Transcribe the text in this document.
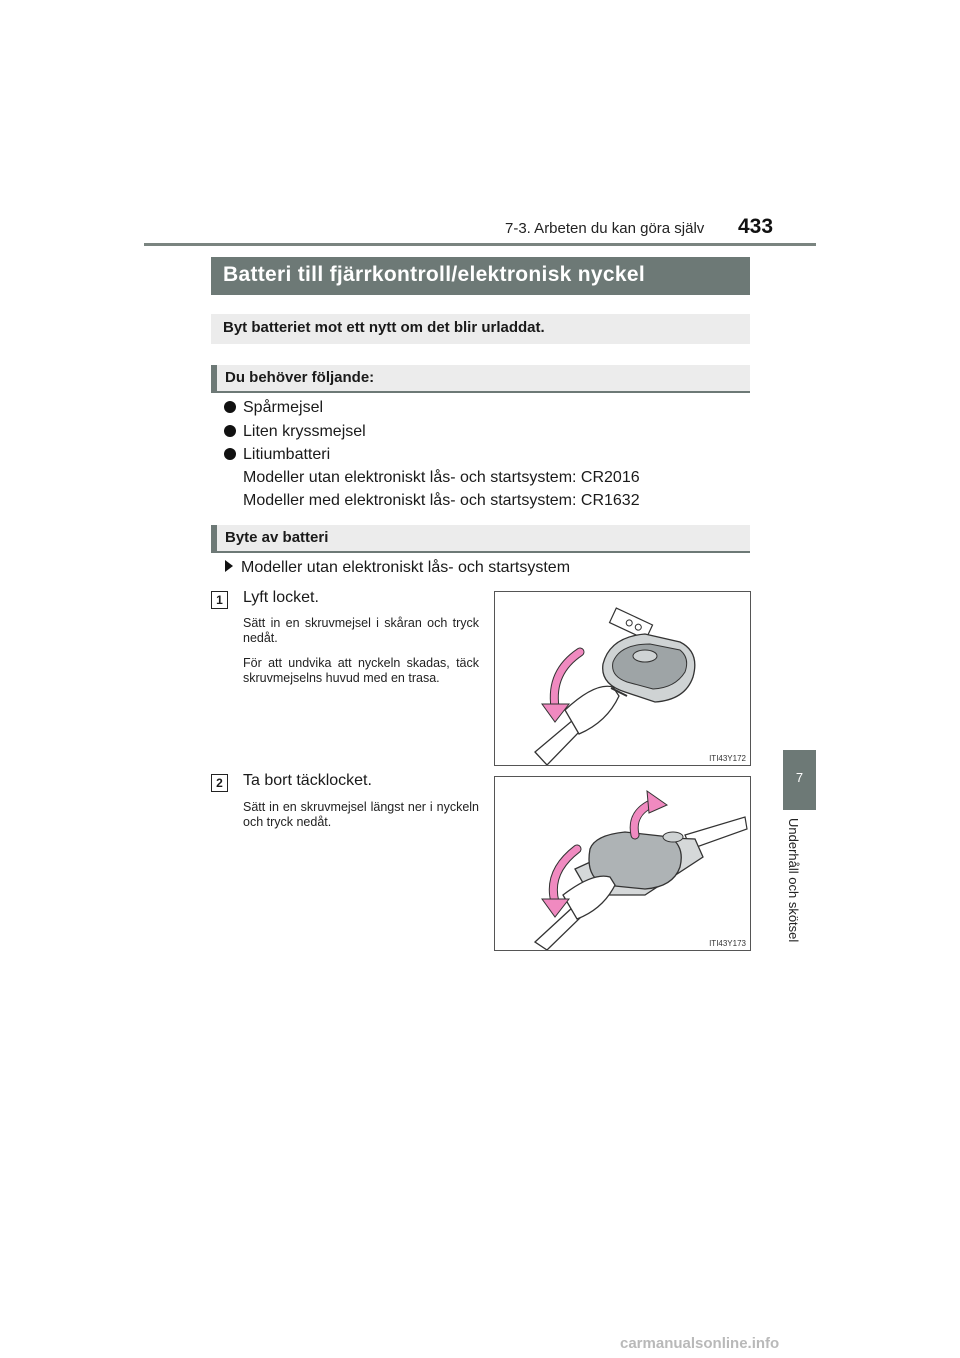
7-3. Arbeten du kan göra själv 433
7
Underhåll och skötsel
Batteri till fjärrkontroll/elektronisk nyckel
Byt batteriet mot ett nytt om det blir urladdat.
Du behöver följande:
Spårmejsel
Liten kryssmejsel
Litiumbatteri
Modeller utan elektroniskt lås- och startsystem: CR2016
Modeller med elektroniskt lås- och startsystem: CR1632
Byte av batteri
Modeller utan elektroniskt lås- och startsystem
1	Lyft locket.
Sätt in en skruvmejsel i skåran och tryck nedåt.
För att undvika att nyckeln skadas, täck skruvmejselns huvud med en trasa.
ITI43Y172
2	Ta bort täcklocket.
Sätt in en skruvmejsel längst ner i nyckeln och tryck nedåt.
ITI43Y173
carmanualsonline.info
